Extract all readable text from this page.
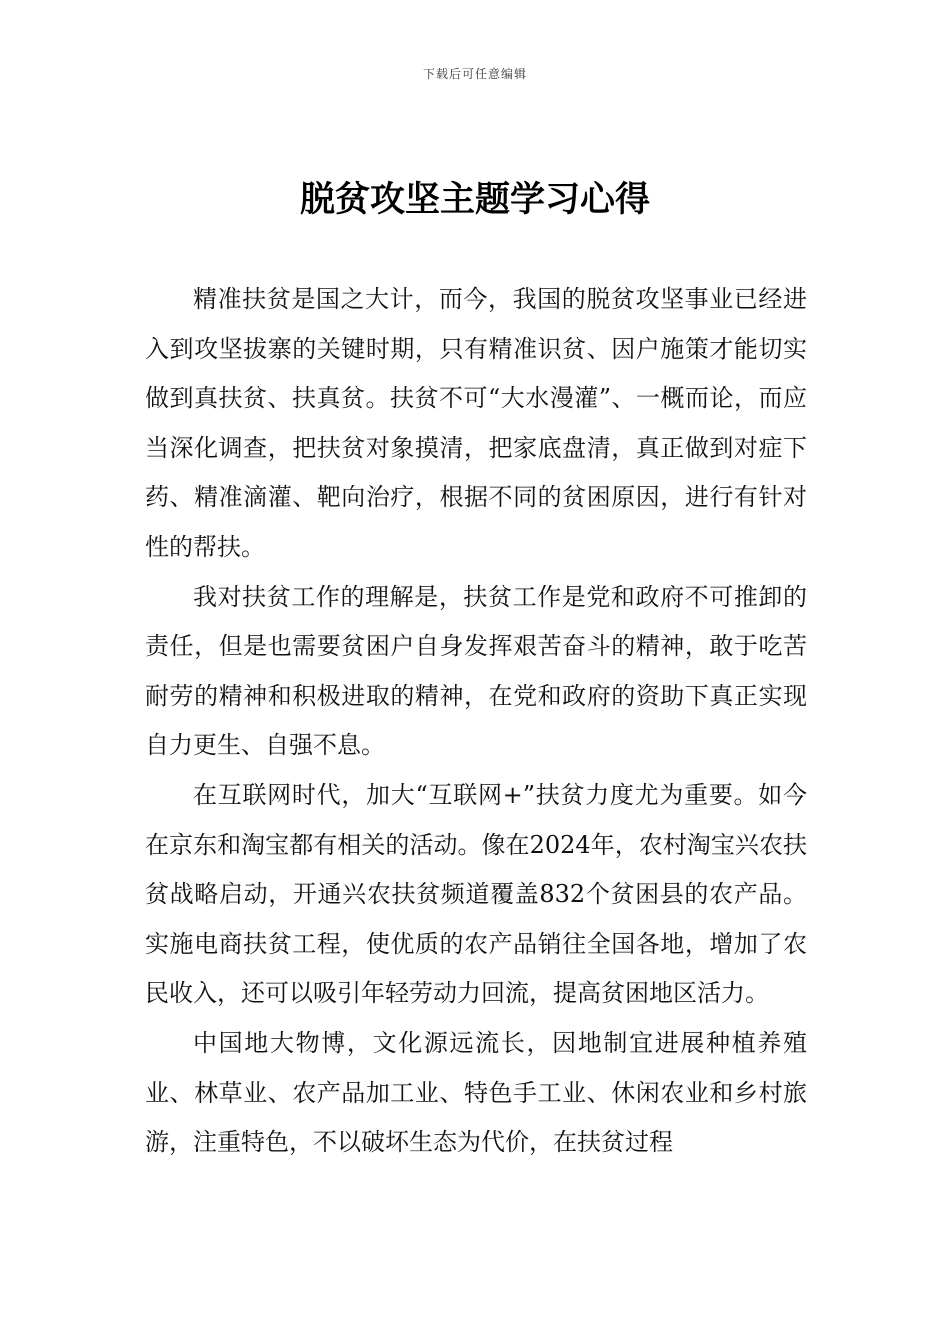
下载后可任意编辑
脱贫攻坚主题学习心得

精准扶贫是国之大计，而今，我国的脱贫攻坚事业已经进入到攻坚拔寨的关键时期，只有精准识贫、因户施策才能切实做到真扶贫、扶真贫。扶贫不可“大水漫灌”、一概而论，而应当深化调查，把扶贫对象摸清，把家底盘清，真正做到对症下药、精准滴灌、靶向治疗，根据不同的贫困原因，进行有针对性的帮扶。

我对扶贫工作的理解是，扶贫工作是党和政府不可推卸的责任，但是也需要贫困户自身发挥艰苦奋斗的精神，敢于吃苦耐劳的精神和积极进取的精神，在党和政府的资助下真正实现自力更生、自强不息。

在互联网时代，加大“互联网+”扶贫力度尤为重要。如今在京东和淘宝都有相关的活动。像在2024年，农村淘宝兴农扶贫战略启动，开通兴农扶贫频道覆盖832个贫困县的农产品。实施电商扶贫工程，使优质的农产品销往全国各地，增加了农民收入，还可以吸引年轻劳动力回流，提高贫困地区活力。

中国地大物博，文化源远流长，因地制宜进展种植养殖业、林草业、农产品加工业、特色手工业、休闲农业和乡村旅游，注重特色，不以破坏生态为代价，在扶贫过程
